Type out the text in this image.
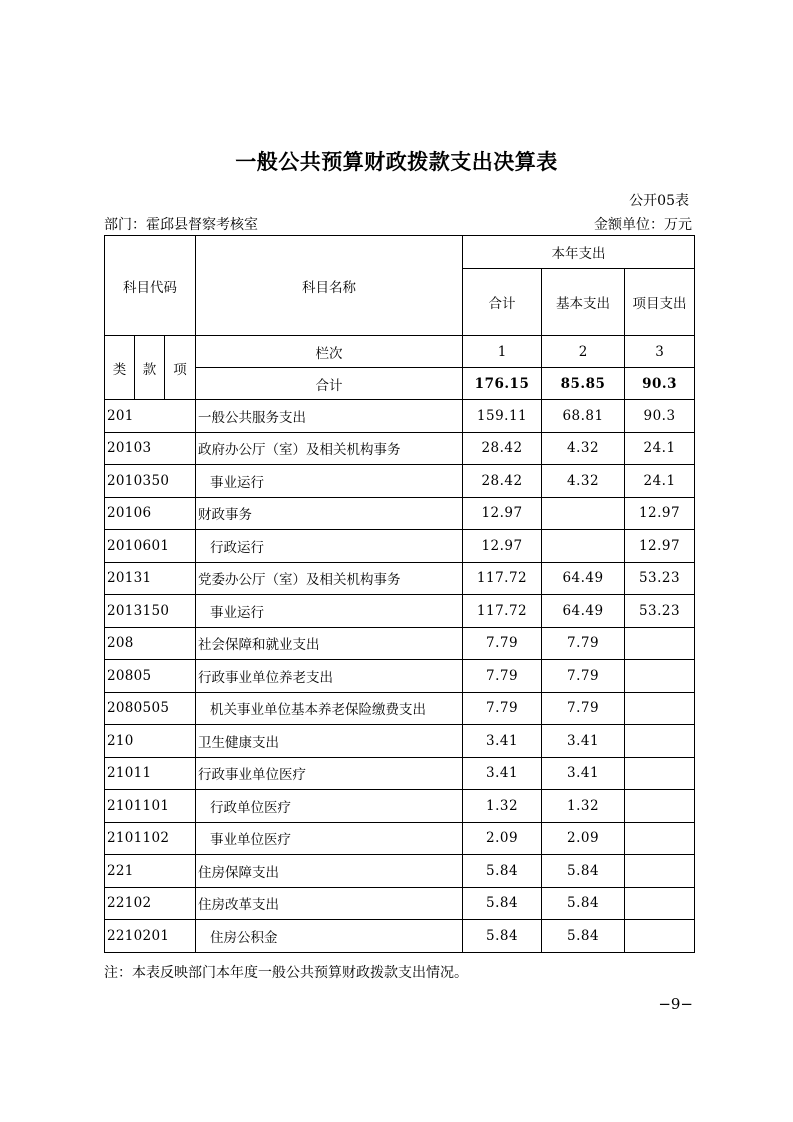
一般公共预算财政拨款支出决算表
公开05表
部门：霍邱县督察考核室	金额单位：万元
科目代码			科目名称	本年支出		
				合计	基本支出	项目支出

类	款	项	栏次	1	2	3
			合计	176.15	85.85	90.3
201			一般公共服务支出	159.11	68.81	90.3
20103			政府办公厅（室）及相关机构事务	28.42	4.32	24.1
2010350			事业运行	28.42	4.32	24.1
20106			财政事务	12.97		12.97
2010601			行政运行	12.97		12.97
20131			党委办公厅（室）及相关机构事务	117.72	64.49	53.23
2013150			事业运行	117.72	64.49	53.23
208			社会保障和就业支出	7.79	7.79	
20805			行政事业单位养老支出	7.79	7.79	
2080505			机关事业单位基本养老保险缴费支出	7.79	7.79	
210			卫生健康支出	3.41	3.41	
21011			行政事业单位医疗	3.41	3.41	
2101101			行政单位医疗	1.32	1.32	
2101102			事业单位医疗	2.09	2.09	
221			住房保障支出	5.84	5.84	
22102			住房改革支出	5.84	5.84	
2210201			住房公积金	5.84	5.84	
注：本表反映部门本年度一般公共预算财政拨款支出情况。
−9−
